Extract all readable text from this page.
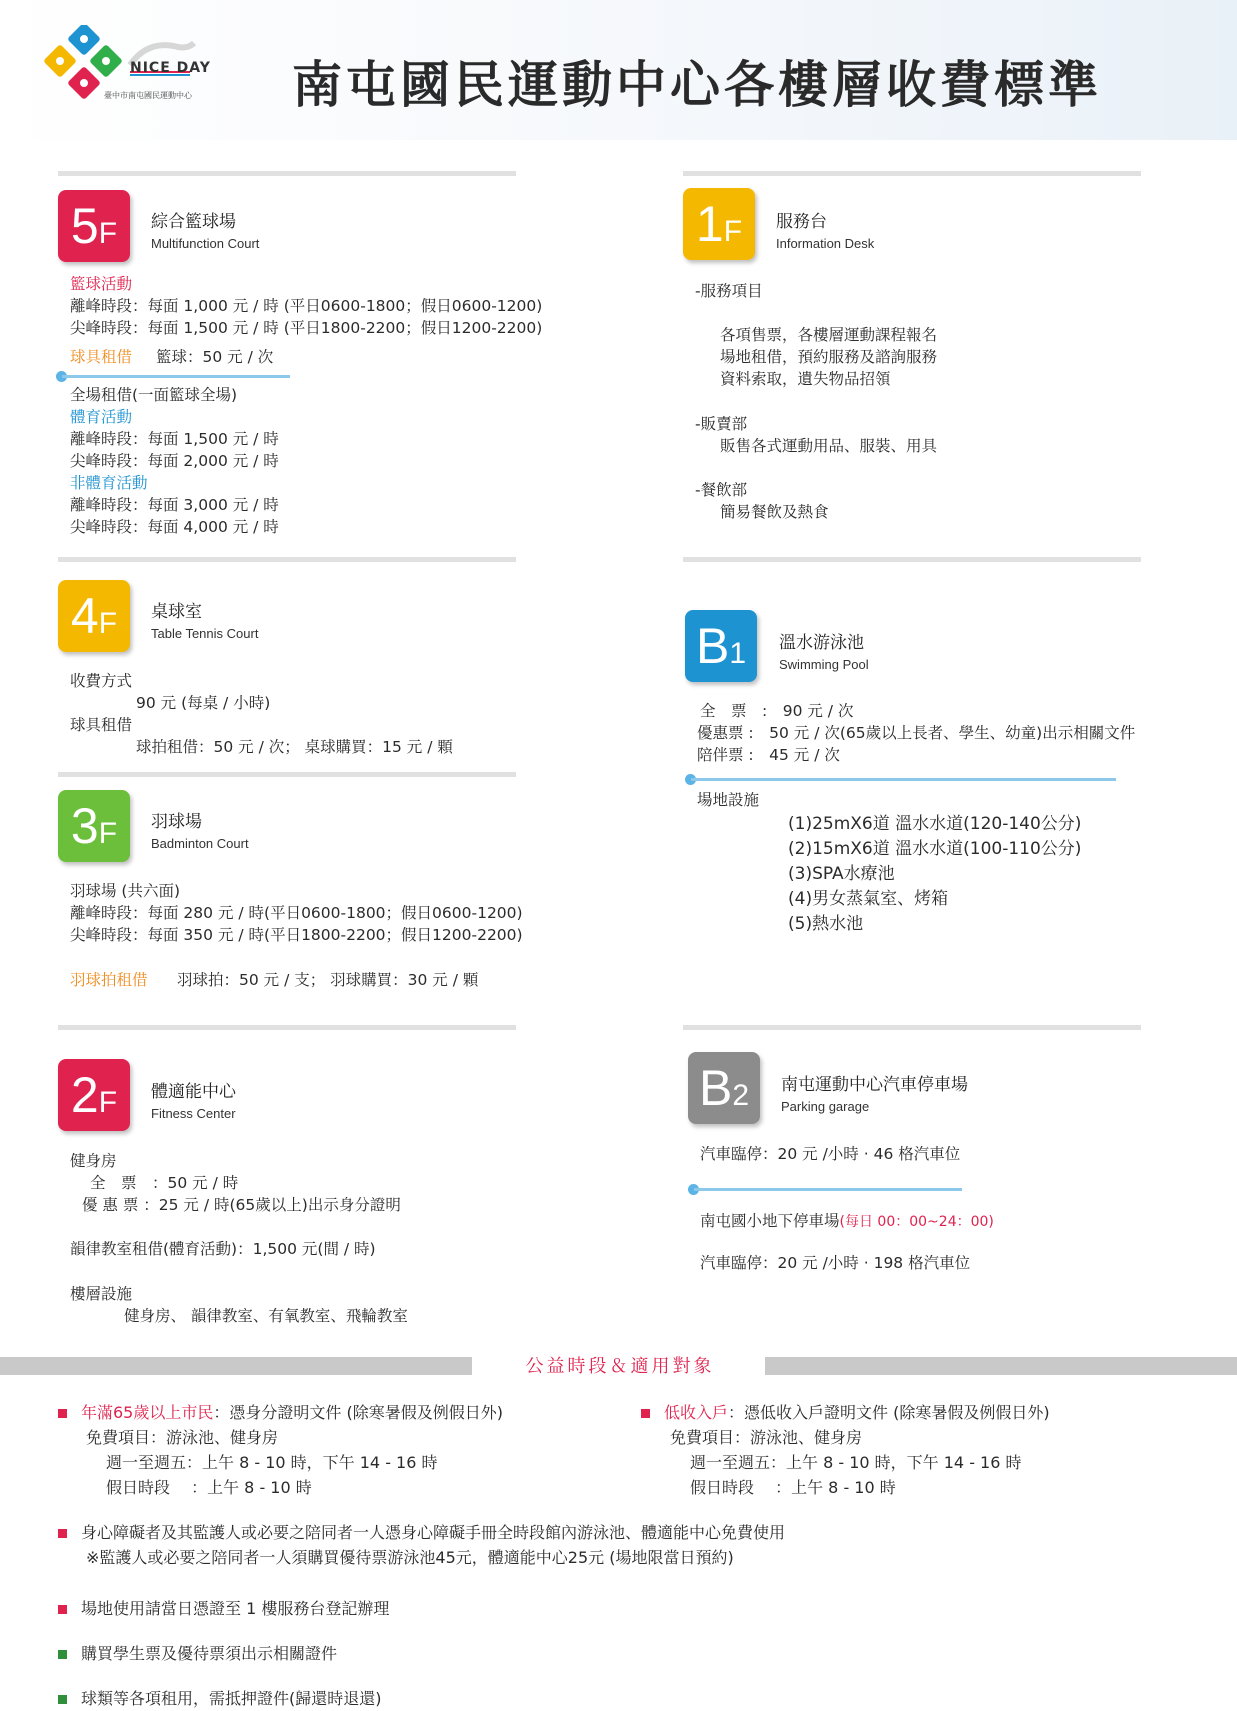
NICE DAY
臺中市南屯國民運動中心 南屯國民運動中心各樓層收費標準
5F	綜合籃球場
Multifunction Court
籃球活動
離峰時段：每面 1,000 元 / 時 (平日0600-1800；假日0600-1200)
尖峰時段：每面 1,500 元 / 時 (平日1800-2200；假日1200-2200)
球具租借 籃球：50 元 / 次
全場租借(一面籃球全場)
體育活動
離峰時段：每面 1,500 元 / 時
尖峰時段：每面 2,000 元 / 時
非體育活動
離峰時段：每面 3,000 元 / 時
尖峰時段：每面 4,000 元 / 時
1F	服務台
Information Desk
-服務項目
各項售票，各樓層運動課程報名
場地租借，預約服務及諮詢服務
資料索取，遺失物品招領
-販賣部
販售各式運動用品、服裝、用具
-餐飲部
簡易餐飲及熱食
4F	桌球室
Table Tennis Court
收費方式
90 元 (每桌 / 小時)
球具租借
球拍租借：50 元 / 次； 桌球購買：15 元 / 顆
B1	溫水游泳池
Swimming Pool
全　票　:　90 元 / 次
優惠票 :　50 元 / 次(65歲以上長者、學生、幼童)出示相關文件
陪伴票 :　45 元 / 次
場地設施
(1)25mX6道 溫水水道(120-140公分)
(2)15mX6道 溫水水道(100-110公分)
(3)SPA水療池
(4)男女蒸氣室、烤箱
(5)熱水池
3F	羽球場
Badminton Court
羽球場 (共六面)
離峰時段：每面 280 元 / 時(平日0600-1800；假日0600-1200)
尖峰時段：每面 350 元 / 時(平日1800-2200；假日1200-2200)
羽球拍租借 羽球拍：50 元 / 支； 羽球購買：30 元 / 顆
2F	體適能中心
Fitness Center
健身房
全　票　：50 元 / 時
優 惠 票 ：25 元 / 時(65歲以上)出示身分證明
韻律教室租借(體育活動)：1,500 元(間 / 時)
樓層設施
健身房、 韻律教室、有氧教室、飛輪教室
B2	南屯運動中心汽車停車場
Parking garage
汽車臨停：20 元 /小時 ‧ 46 格汽車位
南屯國小地下停車場(每日 00：00~24：00)
汽車臨停：20 元 /小時 ‧ 198 格汽車位
公益時段＆適用對象
年滿65歲以上市民：憑身分證明文件 (除寒暑假及例假日外)
免費項目：游泳池、健身房
週一至週五：上午 8 - 10 時，下午 14 - 16 時
假日時段　 ：上午 8 - 10 時
低收入戶：憑低收入戶證明文件 (除寒暑假及例假日外)
免費項目：游泳池、健身房
週一至週五：上午 8 - 10 時，下午 14 - 16 時
假日時段　 ：上午 8 - 10 時
身心障礙者及其監護人或必要之陪同者一人憑身心障礙手冊全時段館內游泳池、體適能中心免費使用
※監護人或必要之陪同者一人須購買優待票游泳池45元，體適能中心25元 (場地限當日預約)
場地使用請當日憑證至 1 樓服務台登記辦理
購買學生票及優待票須出示相關證件
球類等各項租用，需抵押證件(歸還時退還)
